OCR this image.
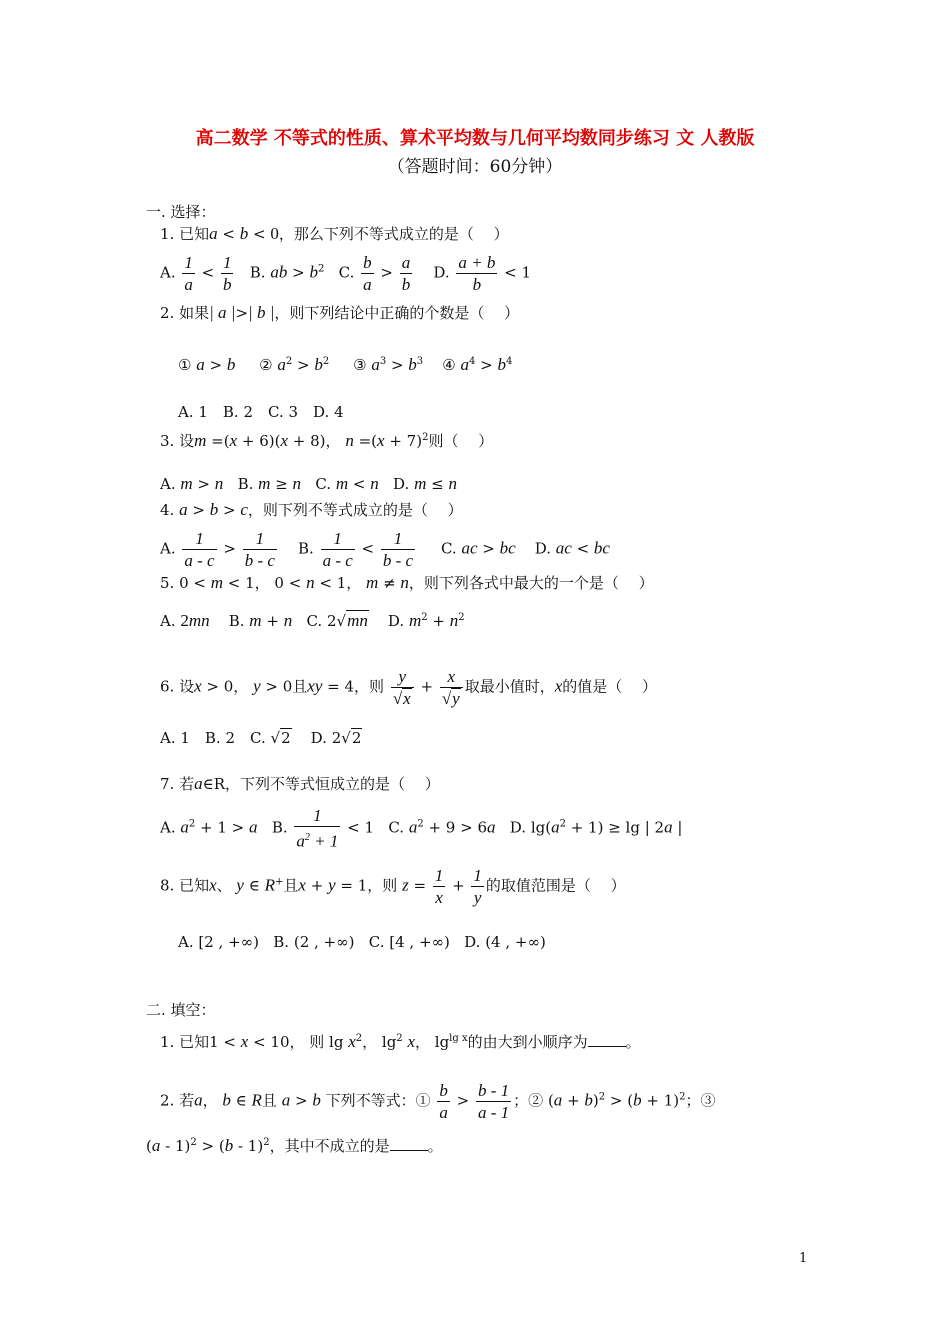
高二数学 不等式的性质、算术平均数与几何平均数同步练习 文 人教版
（答题时间：60分钟）
一. 选择：
1. 已知a < b < 0，那么下列不等式成立的是（　 ）
A. $\frac{1}{a} < \frac{1}{b} B$. ab > $b^2$   C. $\frac{b}{a} > \frac{a}{b} D$. $\frac{a + b}{b} < 1$
2. 如果| a |>| b |，则下列结论中正确的个数是（　 ）
① a > b     ② $a^2 > b^2$     ③ $a^3 > b^3$    ④ $a^4 > b^4$
A. 1　B. 2　C. 3　D. 4
3. 设m =(x + 6)(x + 8)， $n =(x + 7)^2$则（　 ）
A. m > n   B. m ≥ n   C. m < n   D. m ≤ n
4. a > b > c，则下列不等式成立的是（　 ）
A. $\frac{1}{a - c} > \frac{1}{b - c} B$. $\frac{1}{a - c} < \frac{1}{b - c} C$. ac > bc    D. ac < bc
5. 0 < m < 1， 0 < n < 1， m ≠ n，则下列各式中最大的一个是（　 ）
A. 2mn    B. m + n   C. 2√mn    D. $m^2 + n^2$
6. 设x > 0， y > 0且xy = 4，则 $\frac{y}{√x} + \frac{x}{√y}$ 取最小值时，x的值是（　 ）
A. 1　B. 2　C. √2    D. 2√2
7. 若a∈R，下列不等式恒成立的是（　 ）
A. $a^2 + 1 > a$   B. $\frac{1}{a^2 + 1} < 1$   C. $a^2 + 9 > 6a$   D. $\lg(a^2 + 1) \ge \lg$ | 2a |
8. 已知x、 y ∈ R+且x + y = 1，则 $z = \frac{1}{x} + \frac{1}{y}$ 的取值范围是（　 ）
A. [2 , +∞)   B. (2 , +∞)   C. [4 , +∞)   D. (4 , +∞)
二. 填空：
1. 已知1 < x < 10， 则 $\lg x^2$， $\lg^2 x$， $\lg^{lg x}$的由大到小顺序为	。
2. 若a， b ∈ R且 a > b 下列不等式：① $\frac{b}{a} > \frac{b - 1}{a - 1}$ ；② $(a + b)^2 > (b + 1)^2$；③
(a - 1)$^2$ > (b - 1)$^2$，其中不成立的是	。
1
